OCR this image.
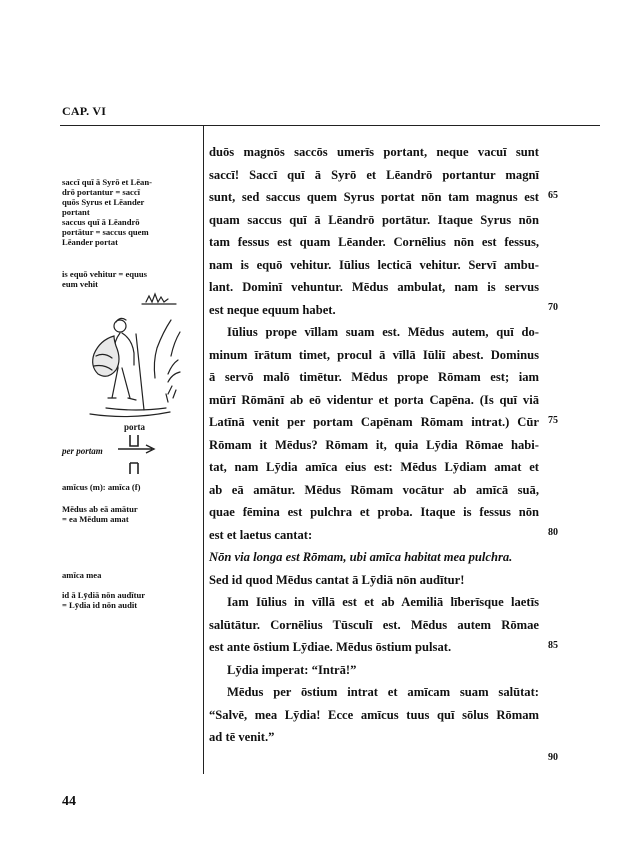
CAP. VI
saccī quī ā Syrō et Lēan-
drō portantur = saccī
quōs Syrus et Lēander
portant
saccus quī ā Lēandrō
portātur = saccus quem
Lēander portat
is equō vehitur = equus
eum vehit
porta
per portam
amīcus (m): amīca (f)
Mēdus ab eā amātur
= ea Mēdum amat
amīca mea
id ā Lȳdiā nōn audītur
= Lȳdia id nōn audit
duōs magnōs saccōs umerīs portant, neque vacuī sunt
saccī! Saccī quī ā Syrō et Lēandrō portantur magnī
sunt, sed saccus quem Syrus portat nōn tam magnus est
quam saccus quī ā Lēandrō portātur. Itaque Syrus nōn
tam fessus est quam Lēander. Cornēlius nōn est fessus,
nam is equō vehitur. Iūlius lecticā vehitur. Servī ambu-
lant. Dominī vehuntur. Mēdus ambulat, nam is servus
est neque equum habet.
Iūlius prope vīllam suam est. Mēdus autem, quī do-
minum īrātum timet, procul ā vīllā Iūliī abest. Dominus
ā servō malō timētur. Mēdus prope Rōmam est; iam
mūrī Rōmānī ab eō videntur et porta Capēna. (Is quī viā
Latīnā venit per portam Capēnam Rōmam intrat.) Cūr
Rōmam it Mēdus? Rōmam it, quia Lȳdia Rōmae habi-
tat, nam Lȳdia amīca eius est: Mēdus Lȳdiam amat et
ab eā amātur. Mēdus Rōmam vocātur ab amīcā suā,
quae fēmina est pulchra et proba. Itaque is fessus nōn
est et laetus cantat:
Nōn via longa est Rōmam, ubi amīca habitat mea pulchra.
Sed id quod Mēdus cantat ā Lȳdiā nōn audītur!
Iam Iūlius in vīllā est et ab Aemiliā līberīsque laetīs
salūtātur. Cornēlius Tūsculī est. Mēdus autem Rōmae
est ante ōstium Lȳdiae. Mēdus ōstium pulsat.
Lȳdia imperat: “Intrā!”
Mēdus per ōstium intrat et amīcam suam salūtat:
“Salvē, mea Lȳdia! Ecce amīcus tuus quī sōlus Rōmam
ad tē venit.”
65
70
75
80
85
90
44
